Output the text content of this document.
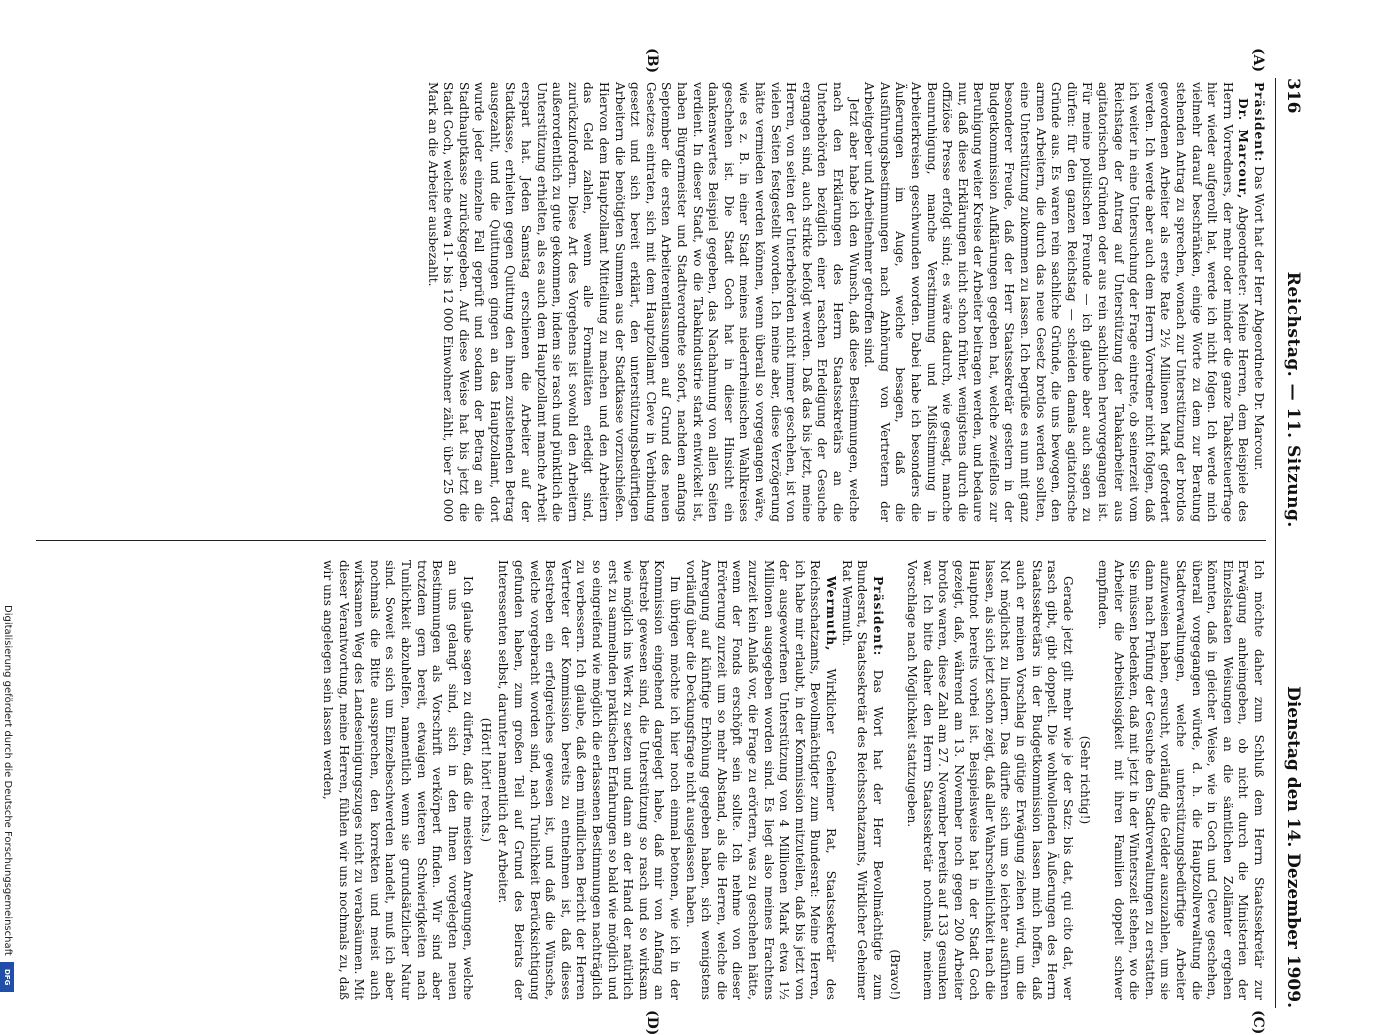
316
Reichstag. — 11. Sitzung.
Dienstag den 14. Dezember 1909.
(A)
(B)
(C)
(D)

Präsident: Das Wort hat der Herr Abgeordnete Dr. Marcour.

Dr. Marcour, Abgeordneter: Meine Herren, dem Beispiele des Herrn Vorredners, der mehr oder minder die ganze Tabaksteuerfrage hier wieder aufgerollt hat, werde ich nicht folgen. Ich werde mich vielmehr darauf beschränken, einige Worte zu dem zur Beratung stehenden Antrag zu sprechen, wonach zur Unterstützung der brotlos gewordenen Arbeiter als erste Rate 2½ Millionen Mark gefordert werden. Ich werde aber auch dem Herrn Vorredner nicht folgen, daß ich weiter in eine Untersuchung der Frage eintrete, ob seinerzeit vom Reichstage der Antrag auf Unterstützung der Tabakarbeiter aus agitatorischen Gründen oder aus rein sachlichen hervorgegangen ist. Für meine politischen Freunde — ich glaube aber auch sagen zu dürfen: für den ganzen Reichstag — scheiden damals agitatorische Gründe aus. Es waren rein sachliche Gründe, die uns bewogen, den armen Arbeitern, die durch das neue Gesetz brotlos werden sollten, eine Unterstützung zukommen zu lassen. Ich begrüße es nun mit ganz besonderer Freude, daß der Herr Staatssekretär gestern in der Budgetkommission Aufklärungen gegeben hat, welche zweifellos zur Beruhigung weiter Kreise der Arbeiter beitragen werden, und bedaure nur, daß diese Erklärungen nicht schon früher, wenigstens durch die offiziöse Presse erfolgt sind; es wäre dadurch, wie gesagt, manche Beunruhigung, manche Verstimmung und Mißstimmung in Arbeiterkreisen geschwunden worden. Dabei habe ich besonders die Äußerungen im Auge, welche besagen, daß die Ausführungsbestimmungen nach Anhörung von Vertretern der Arbeitgeber und Arbeitnehmer getroffen sind.

Jetzt aber habe ich den Wunsch, daß diese Bestimmungen, welche nach den Erklärungen des Herrn Staatssekretärs an die Unterbehörden bezüglich einer raschen Erledigung der Gesuche ergangen sind, auch strikte befolgt werden. Daß das bis jetzt, meine Herren, von seiten der Unterbehörden nicht immer geschehen, ist von vielen Seiten festgestellt worden. Ich meine aber, diese Verzögerung hätte vermieden werden können, wenn überall so vorgegangen wäre, wie es z. B. in einer Stadt meines niederrheinischen Wahlkreises geschehen ist. Die Stadt Goch hat in dieser Hinsicht ein dankenswertes Beispiel gegeben, das Nachahmung von allen Seiten verdient. In dieser Stadt, wo die Tabakindustrie stark entwickelt ist, haben Bürgermeister und Stadtverordnete sofort, nachdem anfangs September die ersten Arbeiterentlassungen auf Grund des neuen Gesetzes eintraten, sich mit dem Hauptzollamt Cleve in Verbindung gesetzt und sich bereit erklärt, den unterstützungsbedürftigen Arbeitern die benötigten Summen aus der Stadtkasse vorzuschießen. Hiervon dem Hauptzollamt Mitteilung zu machen und den Arbeitern das Geld zahlen, wenn alle Formalitäten erledigt sind, zurückzufordern. Diese Art des Vorgehens ist sowohl den Arbeitern außerordentlich zu gute gekommen, indem sie rasch und pünktlich die Unterstützung erhielten, als es auch dem Hauptzollamt manche Arbeit erspart hat. Jeden Samstag erschienen die Arbeiter auf der Stadtkasse, erhielten gegen Quittung den ihnen zustehenden Betrag ausgezahlt, und die Quittungen gingen an das Hauptzollamt, dort wurde jeder einzelne Fall geprüft und sodann der Betrag an die Stadthauptkasse zurückgegeben. Auf diese Weise hat bis jetzt die Stadt Goch, welche etwa 11- bis 12 000 Einwohner zählt, über 25 000 Mark an die Arbeiter ausbezahlt.

Ich möchte daher zum Schluß dem Herrn Staatssekretär zur Erwägung anheimgeben, ob nicht durch die Ministerien der Einzelstaaten Weisungen an die sämtlichen Zollämter ergehen könnten, daß in gleicher Weise, wie in Goch und Cleve geschehen, überall vorgegangen würde, d. h. die Hauptzollverwaltung die Stadtverwaltungen, welche unterstützungsbedürftige Arbeiter aufzuweisen haben, ersucht, vorläufig die Gelder auszuzahlen, um sie dann nach Prüfung der Gesuche den Stadtverwaltungen zu erstatten. Sie müssen bedenken, daß mit jetzt in der Winterszeit stehen, wo die Arbeiter die Arbeitslosigkeit mit ihren Familien doppelt schwer empfinden.

(Sehr richtig!)

Gerade jetzt gilt mehr wie je der Satz: bis dat, qui cito dat, wer rasch gibt, gibt doppelt. Die wohlwollenden Äußerungen des Herrn Staatssekretärs in der Budgetkommission lassen mich hoffen, daß auch er meinen Vorschlag in gütige Erwägung ziehen wird, um die Not möglichst zu lindern. Das dürfte sich um so leichter ausführen lassen, als sich jetzt schon zeigt, daß aller Wahrscheinlichkeit nach die Hauptnot bereits vorbei ist. Beispielsweise hat in der Stadt Goch gezeigt, daß, während am 13. November noch gegen 200 Arbeiter brotlos waren, diese Zahl am 27. November bereits auf 133 gesunken war. Ich bitte daher den Herrn Staatssekretär nochmals, meinem Vorschlage nach Möglichkeit stattzugeben.

(Bravo!)

Präsident: Das Wort hat der Herr Bevollmächtigte zum Bundesrat, Staatssekretär des Reichsschatzamts, Wirklicher Geheimer Rat Wermuth.

Wermuth, Wirklicher Geheimer Rat, Staatssekretär des Reichsschatzamts, Bevollmächtigter zum Bundesrat: Meine Herren, ich habe mir erlaubt, in der Kommission mitzuteilen, daß bis jetzt von der ausgeworfenen Unterstützung von 4 Millionen Mark etwa 1½ Millionen ausgegeben worden sind. Es liegt also meines Erachtens zurzeit kein Anlaß vor, die Frage zu erörtern, was zu geschehen hätte, wenn der Fonds erschöpft sein sollte. Ich nehme von dieser Erörterung zurzeit um so mehr Abstand, als die Herren, welche die Anregung auf künftige Erhöhung gegeben haben, sich wenigstens vorläufig über die Deckungsfrage nicht ausgelassen haben.

Im übrigen möchte ich hier noch einmal betonen, wie ich in der Kommission eingehend dargelegt habe, daß mir von Anfang an bestrebt gewesen sind, die Unterstützung so rasch und so wirksam wie möglich ins Werk zu setzen und dann an der Hand der natürlich erst zu sammelnden praktischen Erfahrungen so bald wie möglich und so eingreifend wie möglich die erlassenen Bestimmungen nachträglich zu verbessern. Ich glaube, daß dem mündlichen Bericht der Herren Vertreter der Kommission bereits zu entnehmen ist, daß dieses Bestreben ein erfolgreiches gewesen ist, und daß die Wünsche, welche vorgebracht worden sind, nach Tunlichkeit Berücksichtigung gefunden haben, zum großen Teil auf Grund des Beirats der Interessenten selbst, darunter namentlich der Arbeiter.

(Hört! hört! rechts.)

Ich glaube sagen zu dürfen, daß die meisten Anregungen, welche an uns gelangt sind, sich in den Ihnen vorgelegten neuen Bestimmungen als Vorschrift verkörpert finden. Wir sind aber trotzdem gern bereit, etwaigen weiteren Schwierigkeiten nach Tunlichkeit abzuhelfen, namentlich wenn sie grundsätzlicher Natur sind. Soweit es sich um Einzelbeschwerden handelt, muß ich aber nochmals die Bitte aussprechen, den korrekten und meist auch wirksamen Weg des Landeseinigungszuges nicht zu verabsäumen. Mit dieser Verantwortung, meine Herren, fühlen wir uns nochmals zu, daß wir uns angelegen sein lassen werden,

Digitalisierung gefördert durch die Deutsche Forschungsgemeinschaft
DFG
